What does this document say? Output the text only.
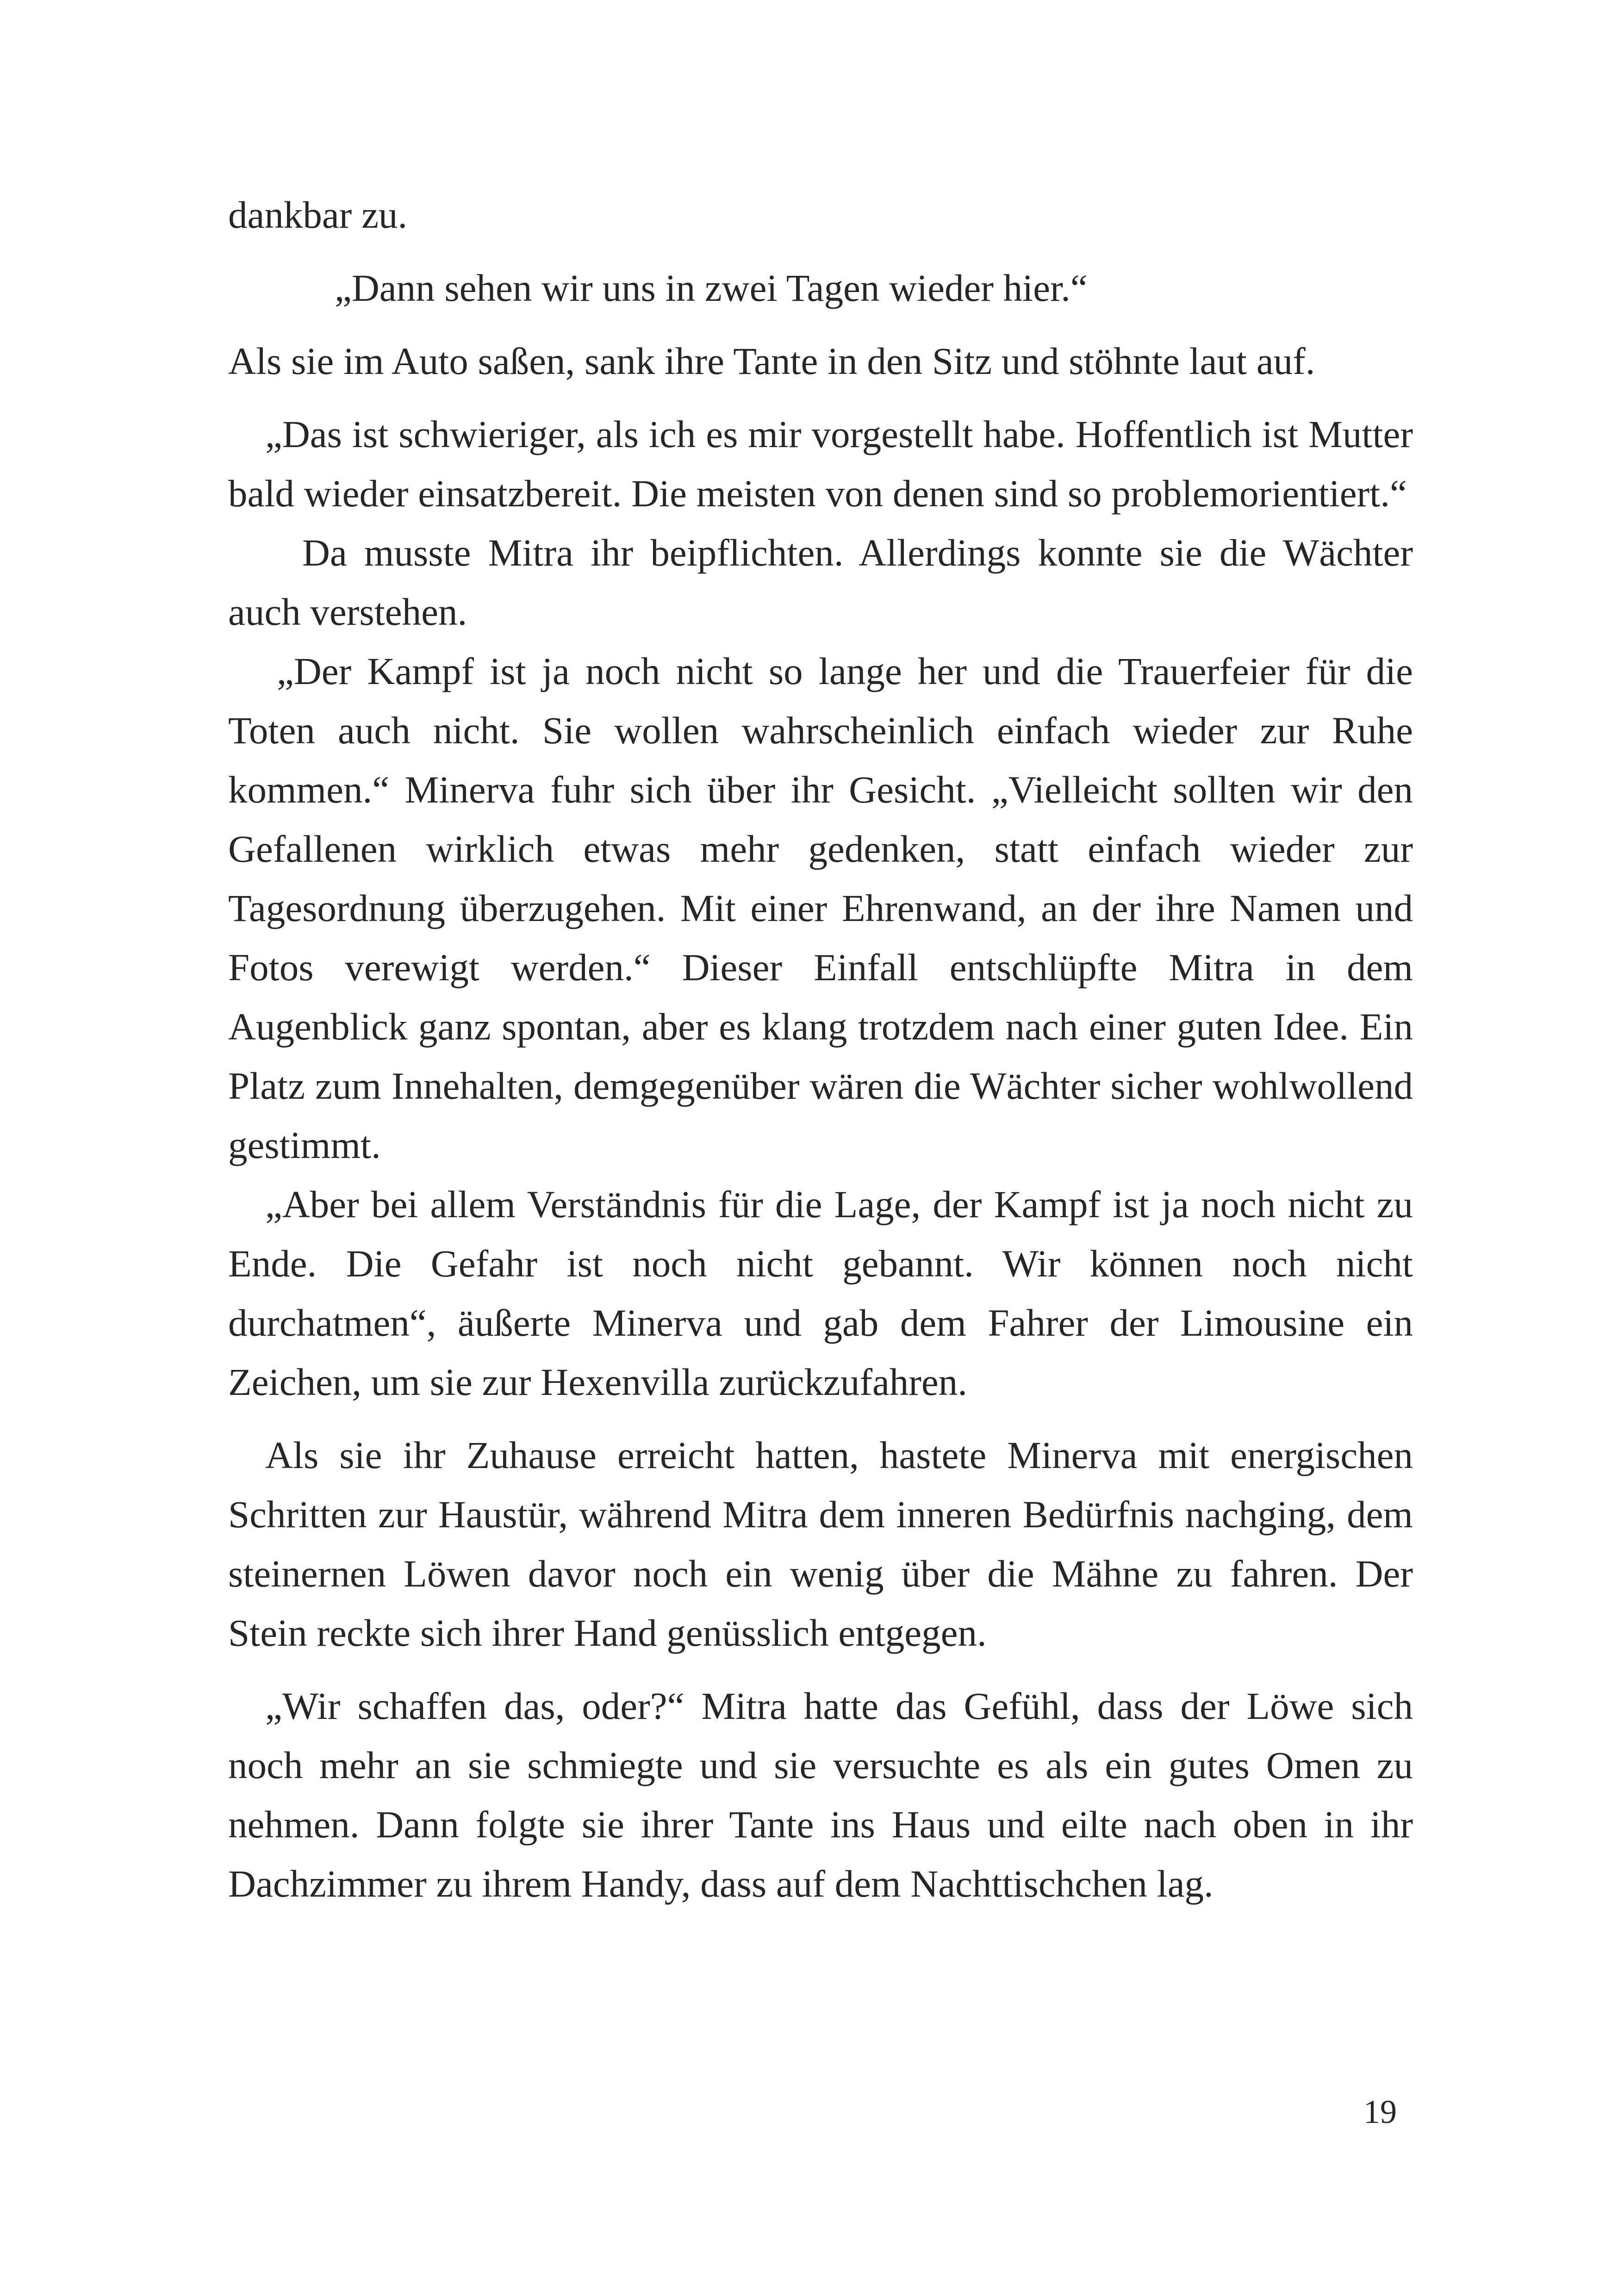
dankbar zu.

„Dann sehen wir uns in zwei Tagen wieder hier.“

Als sie im Auto saßen, sank ihre Tante in den Sitz und stöhnte laut auf.

„Das ist schwieriger, als ich es mir vorgestellt habe. Hoffentlich ist Mutter bald wieder einsatzbereit. Die meisten von denen sind so problemorientiert.“

Da musste Mitra ihr beipflichten. Allerdings konnte sie die Wächter auch verstehen.

„Der Kampf ist ja noch nicht so lange her und die Trauerfeier für die Toten auch nicht. Sie wollen wahrscheinlich einfach wieder zur Ruhe kommen.“ Minerva fuhr sich über ihr Gesicht. „Vielleicht sollten wir den Gefallenen wirklich etwas mehr gedenken, statt einfach wieder zur Tagesordnung überzugehen. Mit einer Ehrenwand, an der ihre Namen und Fotos verewigt werden.“ Dieser Einfall entschlüpfte Mitra in dem Augenblick ganz spontan, aber es klang trotzdem nach einer guten Idee. Ein Platz zum Innehalten, demgegenüber wären die Wächter sicher wohlwollend gestimmt.

„Aber bei allem Verständnis für die Lage, der Kampf ist ja noch nicht zu Ende. Die Gefahr ist noch nicht gebannt. Wir können noch nicht durchatmen“, äußerte Minerva und gab dem Fahrer der Limousine ein Zeichen, um sie zur Hexenvilla zurückzufahren.

Als sie ihr Zuhause erreicht hatten, hastete Minerva mit energischen Schritten zur Haustür, während Mitra dem inneren Bedürfnis nachging, dem steinernen Löwen davor noch ein wenig über die Mähne zu fahren. Der Stein reckte sich ihrer Hand genüsslich entgegen.

„Wir schaffen das, oder?“ Mitra hatte das Gefühl, dass der Löwe sich noch mehr an sie schmiegte und sie versuchte es als ein gutes Omen zu nehmen. Dann folgte sie ihrer Tante ins Haus und eilte nach oben in ihr Dachzimmer zu ihrem Handy, dass auf dem Nachttischchen lag.

19
